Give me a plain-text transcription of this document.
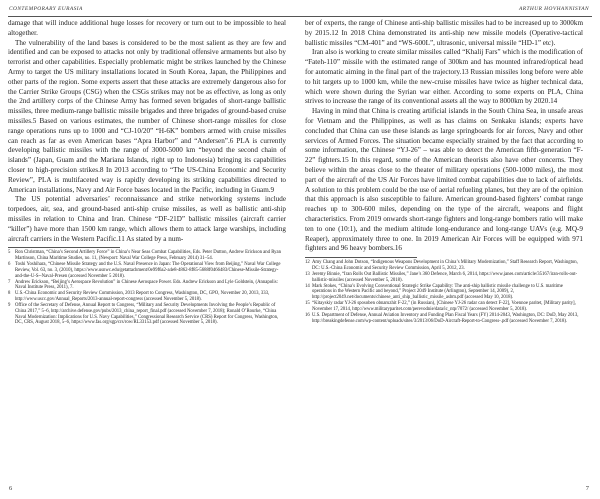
CONTEMPORARY EURASIA	ARTHUR HOVHANNISYAN

damage that will induce additional huge losses for recovery or turn out to be impossible to heal altogether.

The vulnerability of the land bases is considered to be the most salient as they are few and identified and can be exposed to attacks not only by traditional offensive armaments but also by terrorist and other capabilities. Especially problematic might be strikes launched by the Chinese Army to target the US military installations located in South Korea, Japan, the Philippines and other parts of the region. Some experts assert that these attacks are extremely dangerous also for the Carrier Strike Groups (CSG) when the CSGs strikes may not be as effective, as long as only the 2nd artillery corps of the Chinese Army has formed seven brigades of short-range ballistic missiles, three medium-range ballistic missile brigades and three brigades of ground-based cruise missiles.5 Based on various estimates, the number of Chinese short-range missiles for close range operations runs up to 1000 and “CJ-10/20” “H-6K” bombers armed with cruise missiles can reach as far as even American bases “Apra Harbor” and “Andersen”.6 PLA is currently developing ballistic missiles with the range of 3000-5000 km “beyond the second chain of islands” (Japan, Guam and the Mariana Islands, right up to Indonesia) bringing its capabilities closer to high-precision strikes.8 In 2013 according to “The US-China Economic and Security Review”, PLA is multifaceted way is rapidly developing its striking capabilities directed to American installations, Navy and Air Force bases located in the Pacific, including in Guam.9

The US potential adversaries’ reconnaissance and strike networking systems include torpedoes, air, sea, and ground-based anti-ship cruise missiles, as well as ballistic anti-ship missiles in relation to China and Iran. Chinese “DF-21D” ballistic missiles (aircraft carrier “killer”) have more than 1500 km range, which allows them to attack large warships, including aircraft carriers in the Western Pacific.11 As stated by a num-

5 Ron Christman, “China’s Second Artillery Force” in China’s Near Seas Combat Capabilities, Eds. Peter Dutton, Andrew Erickson and Ryan Martinson, China Maritime Studies, no. 11, (Newport: Naval War College Press, February 2014) 31–54.
6 Toshi Yoshihara, “Chinese Missile Strategy and the U.S. Naval Presence in Japan: The Operational View from Beijing,” Naval War College Review, Vol. 63, no. 3, (2010), https://www.usnwc.edu/getattachment/0e99f6a2-a4e8-4862-8f85-5688f0466483/Chinese-Missile-Strategy-and-the-U-S--Naval-Presen (accessed November 5 2018).
7 Andrew Erickson, “Beijing’s Aerospace Revolution” in Chinese Aerospace Power. Eds. Andrew Erickson and Lyle Goldstein, (Annapolis: Naval Institute Press, 2011), 7.
8 U.S.-China Economic and Security Review Commission, 2013 Report to Congress, Washington, DC, GPO, November 20, 2013, 333, http://www.uscc.gov/Annual_Reports/2013-annual-report-congress (accessed November 5, 2018).
9 Office of the Secretary of Defense, Annual Report to Congress, “Military and Security Developments Involving the People’s Republic of China 2017,” 5–6, http://archive.defense.gov/pubs/2013_china_report_final.pdf (accessed November 7, 2018); Ronald O’Rourke, “China Naval Modernization: Implications for U.S. Navy Capabilities,” Congressional Research Service (CRS) Report for Congress, Washington, DC, CRS, August 2018, 5–6, https://www.fas.org/sgp/crs/row/RL33153.pdf (accessed November 5, 2018).

ber of experts, the range of Chinese anti-ship ballistic missiles had to be increased up to 3000km by 2015.12 In 2018 China demonstrated its anti-ship new missile models (Operative-tactical ballistic missiles “CM-401” and “WS-600L”, ultrasonic, universal missile “HD-1” etc).

Iran also is working to create similar missiles called “Khalij Fars” which is the modification of “Fateh-110” missile with the estimated range of 300km and has mounted infrared/optical head for automatic aiming in the final part of the trajectory.13 Russian missiles long before were able to hit targets up to 1000 km, while the new-cruise missiles have twice as higher technical data, which were shown during the Syrian war either. According to some experts on PLA, China strives to increase the range of its conventional assets all the way to 8000km by 2020.14

Having in mind that China is creating artificial islands in the South China Sea, in unsafe areas for Vietnam and the Philippines, as well as has claims on Senkaku islands; experts have concluded that China can use these islands as large springboards for air forces, Navy and other services of Armed Forces. The situation became especially strained by the fact that according to some information, the Chinese “YJ-26” – was able to detect the American fifth-generation “F-22” fighters.15 In this regard, some of the American theorists also have other concerns. They believe within the areas close to the theater of military operations (500-1000 miles), the most part of the aircraft of the US Air Forces have limited combat capabilities due to lack of airfields. A solution to this problem could be the use of aerial refueling planes, but they are of the opinion that this approach is also susceptible to failure. American ground-based fighters’ combat range reaches up to 300-600 miles, depending on the type of the aircraft, weapons and flight characteristics. From 2019 onwards short-range fighters and long-range bombers ratio will make ten to one (10:1), and the medium altitude long-endurance and long-range UAVs (e.g. MQ-9 Reaper), approximately three to one. In 2019 American Air Forces will be equipped with 971 fighters and 96 heavy bombers.16

12 Amy Chang and John Dotson, “Indigenous Weapons Development in China’s Military Modernization,” Staff Research Report, Washington, DC: U.S.-China Economic and Security Review Commission, April 5, 2012, 23.
13 Jeremy Binnie, “Iran Rolls Out Ballistic Missiles,” Jane’s 360 Defence, March 6, 2014, https://www.janes.com/article/35167/iran-rolls-out-ballistic-missiles (accessed November 5, 2018).
14 Mark Stokes, “China’s Evolving Conventional Strategic Strike Capability: The anti-ship ballistic missile challenge to U.S. maritime operations in the Western Pacific and beyond,” Project 2049 Institute (Arlington), September 14, 2009), 2, http://project2049.net/documents/chinese_anti_ship_ballistic_missile_asbm.pdf (accessed May 10, 2018).
15 “Kitayskiy radar YJ-26 sposoben obnaruzhit F-22,” (in Russian), [Chinese YJ-26 radar can detect F-22], Voennoe paritet, [Military parity], November 17, 2014, http://www.militaryparitet.com/perevodnie/data/ic_ntp/7072/ (accessed November 5, 2018).
16 U.S. Department of Defense, Annual Aviation Inventory and Funding Plan Fiscal Years (FY) 2014-2043, Washington, DC: DoD, May 2013, http://breakingdefense.com/wp-content/uploads/sites/3/2013/06/DoD-Aircraft-Report-to-Congress-.pdf (accessed November 7, 2018).
6	7
